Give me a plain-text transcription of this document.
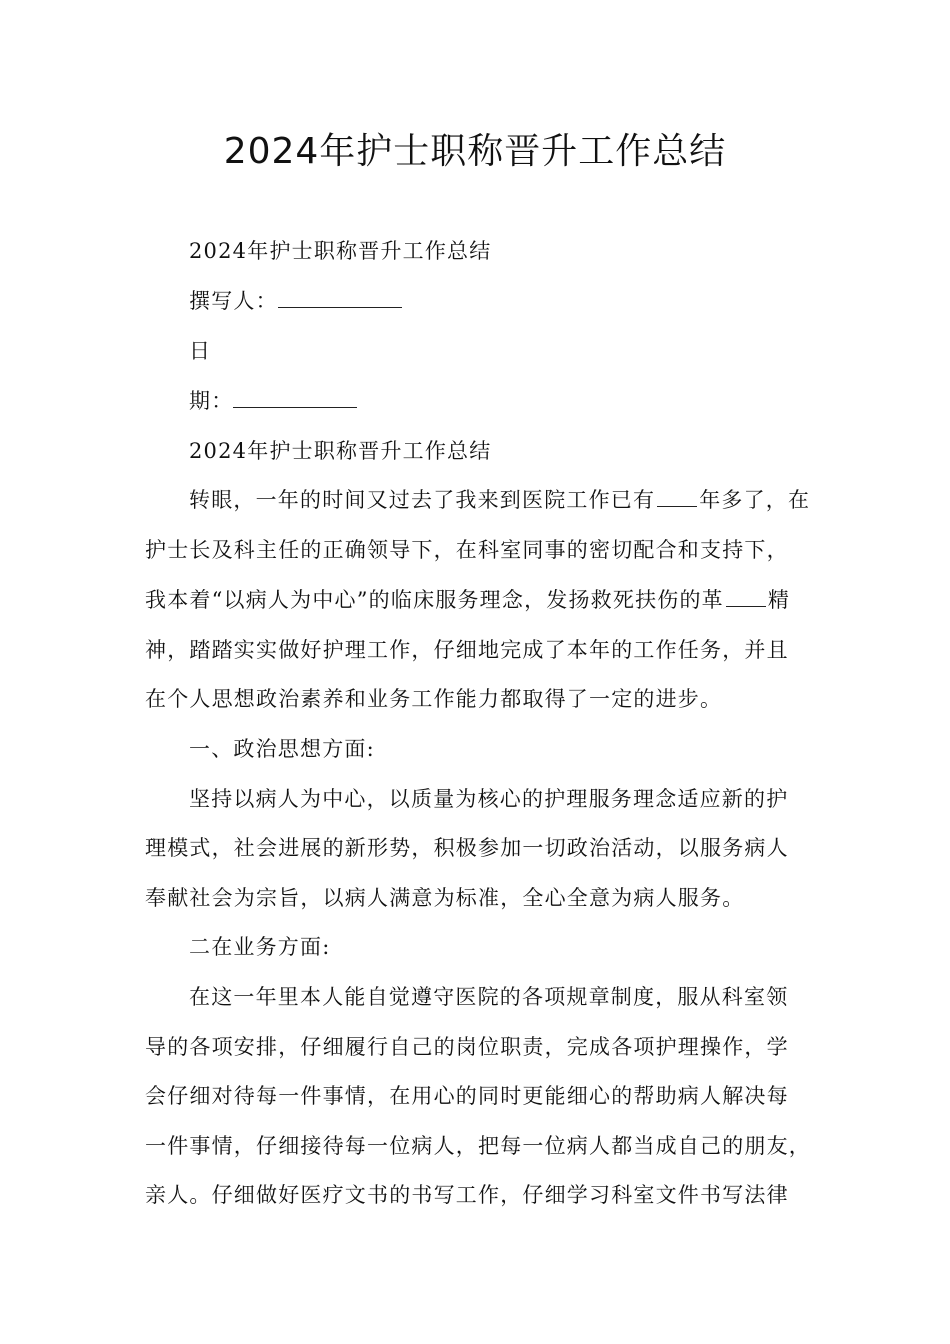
2024年护士职称晋升工作总结
2024年护士职称晋升工作总结
撰写人：
日
期：
2024年护士职称晋升工作总结
转眼，一年的时间又过去了我来到医院工作已有 年多了，在
护士长及科主任的正确领导下，在科室同事的密切配合和支持下，
我本着“以病人为中心”的临床服务理念，发扬救死扶伤的革 精
神，踏踏实实做好护理工作，仔细地完成了本年的工作任务，并且
在个人思想政治素养和业务工作能力都取得了一定的进步。
一、政治思想方面:
坚持以病人为中心，以质量为核心的护理服务理念适应新的护
理模式，社会进展的新形势，积极参加一切政治活动，以服务病人
奉献社会为宗旨，以病人满意为标准，全心全意为病人服务。
二在业务方面:
在这一年里本人能自觉遵守医院的各项规章制度，服从科室领
导的各项安排，仔细履行自己的岗位职责，完成各项护理操作，学
会仔细对待每一件事情，在用心的同时更能细心的帮助病人解决每
一件事情，仔细接待每一位病人，把每一位病人都当成自己的朋友，
亲人。仔细做好医疗文书的书写工作，仔细学习科室文件书写法律
